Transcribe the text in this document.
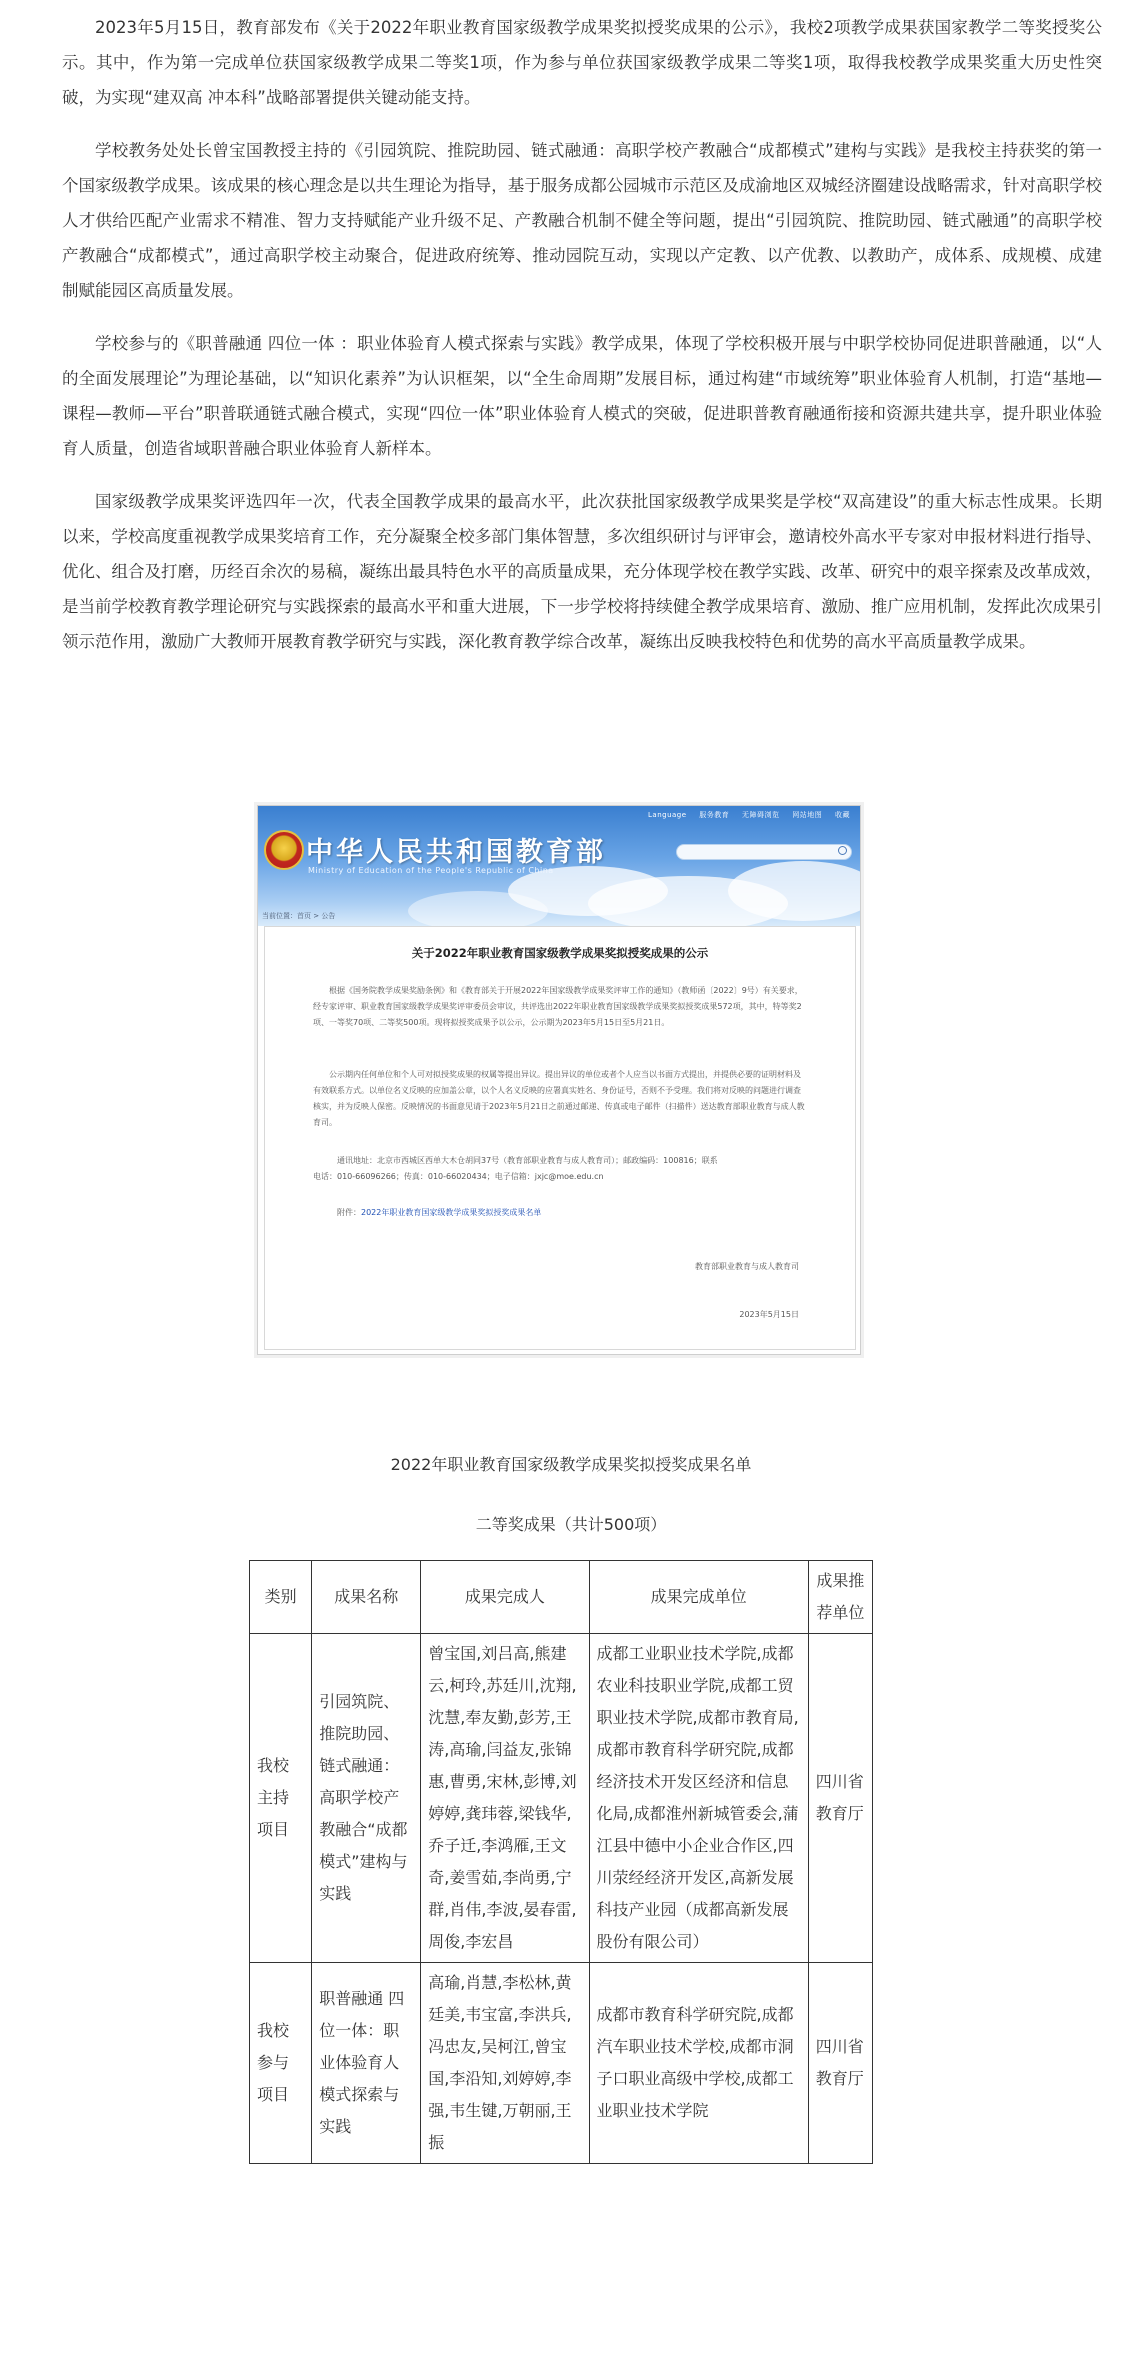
2023年5月15日，教育部发布《关于2022年职业教育国家级教学成果奖拟授奖成果的公示》，我校2项教学成果获国家教学二等奖授奖公示。其中，作为第一完成单位获国家级教学成果二等奖1项，作为参与单位获国家级教学成果二等奖1项，取得我校教学成果奖重大历史性突破，为实现“建双高 冲本科”战略部署提供关键动能支持。

学校教务处处长曾宝国教授主持的《引园筑院、推院助园、链式融通：高职学校产教融合“成都模式”建构与实践》是我校主持获奖的第一个国家级教学成果。该成果的核心理念是以共生理论为指导，基于服务成都公园城市示范区及成渝地区双城经济圈建设战略需求，针对高职学校人才供给匹配产业需求不精准、智力支持赋能产业升级不足、产教融合机制不健全等问题，提出“引园筑院、推院助园、链式融通”的高职学校产教融合“成都模式”，通过高职学校主动聚合，促进政府统筹、推动园院互动，实现以产定教、以产优教、以教助产，成体系、成规模、成建制赋能园区高质量发展。

学校参与的《职普融通 四位一体 ：职业体验育人模式探索与实践》教学成果，体现了学校积极开展与中职学校协同促进职普融通，以“人的全面发展理论”为理论基础，以“知识化素养”为认识框架，以“全生命周期”发展目标，通过构建“市域统筹”职业体验育人机制，打造“基地—课程—教师—平台”职普联通链式融合模式，实现“四位一体”职业体验育人模式的突破，促进职普教育融通衔接和资源共建共享，提升职业体验育人质量，创造省域职普融合职业体验育人新样本。

国家级教学成果奖评选四年一次，代表全国教学成果的最高水平，此次获批国家级教学成果奖是学校“双高建设”的重大标志性成果。长期以来，学校高度重视教学成果奖培育工作，充分凝聚全校多部门集体智慧，多次组织研讨与评审会，邀请校外高水平专家对申报材料进行指导、优化、组合及打磨，历经百余次的易稿，凝练出最具特色水平的高质量成果，充分体现学校在教学实践、改革、研究中的艰辛探索及改革成效，是当前学校教育教学理论研究与实践探索的最高水平和重大进展，下一步学校将持续健全教学成果培育、激励、推广应用机制，发挥此次成果引领示范作用，激励广大教师开展教育教学研究与实践，深化教育教学综合改革，凝练出反映我校特色和优势的高水平高质量教学成果。

Language 服务教育 无障碍浏览 网站地图 收藏
中华人民共和国教育部
Ministry of Education of the People's Republic of China
当前位置：首页 > 公告
关于2022年职业教育国家级教学成果奖拟授奖成果的公示

根据《国务院教学成果奖励条例》和《教育部关于开展2022年国家级教学成果奖评审工作的通知》（教师函〔2022〕9号）有关要求，经专家评审、职业教育国家级教学成果奖评审委员会审议，共评选出2022年职业教育国家级教学成果奖拟授奖成果572项，其中，特等奖2项、一等奖70项、二等奖500项。现将拟授奖成果予以公示，公示期为2023年5月15日至5月21日。

公示期内任何单位和个人可对拟授奖成果的权属等提出异议。提出异议的单位或者个人应当以书面方式提出，并提供必要的证明材料及有效联系方式。以单位名义反映的应加盖公章，以个人名义反映的应署真实姓名、身份证号，否则不予受理。我们将对反映的问题进行调查核实，并为反映人保密。反映情况的书面意见请于2023年5月21日之前通过邮递、传真或电子邮件（扫描件）送达教育部职业教育与成人教育司。

通讯地址：北京市西城区西单大木仓胡同37号（教育部职业教育与成人教育司）；邮政编码：100816；联系
电话：010-66096266；传真：010-66020434；电子信箱：jxjc@moe.edu.cn
附件：2022年职业教育国家级教学成果奖拟授奖成果名单
教育部职业教育与成人教育司
2023年5月15日
2022年职业教育国家级教学成果奖拟授奖成果名单
二等奖成果（共计500项）
类别	成果名称	成果完成人	成果完成单位	成果推荐单位
我校主持项目	引园筑院、推院助园、链式融通：高职学校产教融合“成都模式”建构与实践	曾宝国,刘吕高,熊建云,柯玲,苏廷川,沈翔,沈慧,奉友勤,彭芳,王涛,高瑜,闫益友,张锦惠,曹勇,宋林,彭博,刘婷婷,龚玮蓉,梁钱华,乔子迁,李鸿雁,王文奇,姜雪茹,李尚勇,宁群,肖伟,李波,晏春雷,周俊,李宏昌	成都工业职业技术学院,成都农业科技职业学院,成都工贸职业技术学院,成都市教育局,成都市教育科学研究院,成都经济技术开发区经济和信息化局,成都淮州新城管委会,蒲江县中德中小企业合作区,四川荥经经济开发区,高新发展科技产业园（成都高新发展股份有限公司）	四川省教育厅
我校参与项目	职普融通 四位一体：职业体验育人模式探索与实践	高瑜,肖慧,李松林,黄廷美,韦宝富,李洪兵,冯忠友,吴柯江,曾宝国,李沿知,刘婷婷,李强,韦生键,万朝丽,王振	成都市教育科学研究院,成都汽车职业技术学校,成都市洞子口职业高级中学校,成都工业职业技术学院	四川省教育厅
